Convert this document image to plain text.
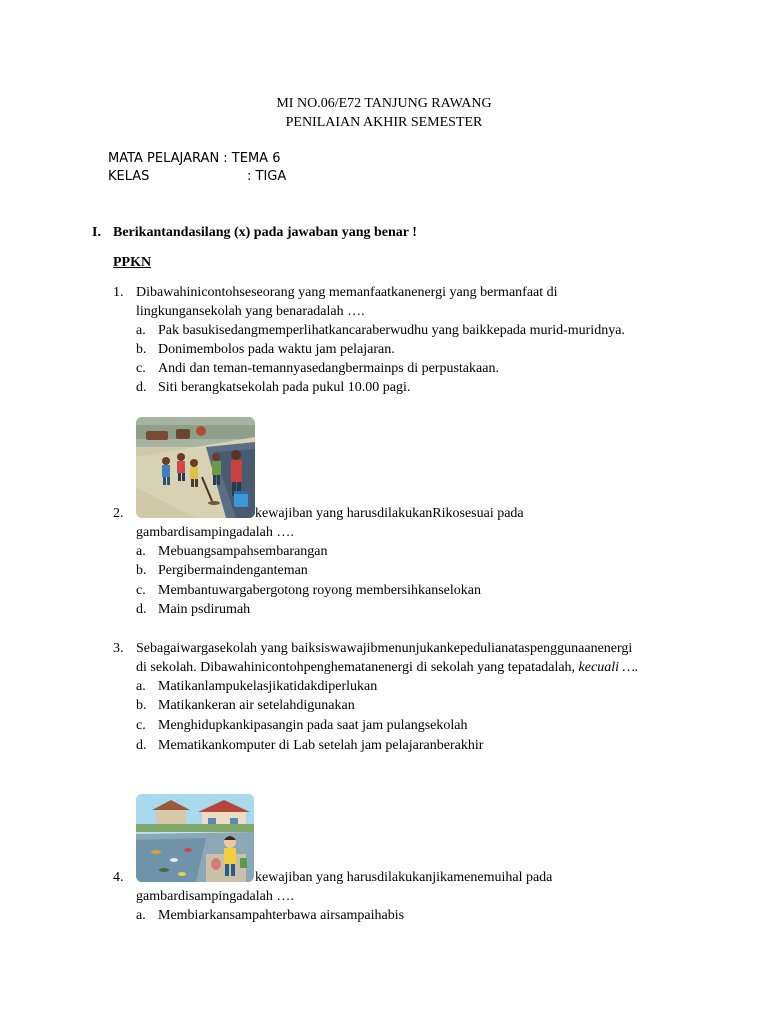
MI NO.06/E72 TANJUNG RAWANG
PENILAIAN AKHIR SEMESTER
MATA PELAJARAN : TEMA 6
KELAS	: TIGA
I. Berikantandasilang (x) pada jawaban yang benar !
PPKN
1. Dibawahinicontohseseorang yang memanfaatkanenergi yang bermanfaat di
lingkungansekolah yang benaradalah ….
a. Pak basukisedangmemperlihatkancaraberwudhu yang baikkepada murid-muridnya.
b. Donimembolos pada waktu jam pelajaran.
c. Andi dan teman-temannyasedangbermainps di perpustakaan.
d. Siti berangkatsekolah pada pukul 10.00 pagi.
2.	kewajiban yang harusdilakukanRikosesuai pada
gambardisampingadalah ….
a. Mebuangsampahsembarangan
b. Pergibermaindenganteman
c. Membantuwargabergotong royong membersihkanselokan
d. Main psdirumah
3. Sebagaiwargasekolah yang baiksiswawajibmenunjukankepedulianataspenggunaanenergi
di sekolah. Dibawahinicontohpenghematanenergi di sekolah yang tepatadalah, kecuali ….
a. Matikanlampukelasjikatidakdiperlukan
b. Matikankeran air setelahdigunakan
c. Menghidupkankipasangin pada saat jam pulangsekolah
d. Mematikankomputer di Lab setelah jam pelajaranberakhir
4.	kewajiban yang harusdilakukanjikamenemuihal pada
gambardisampingadalah ….
a. Membiarkansampahterbawa airsampaihabis
